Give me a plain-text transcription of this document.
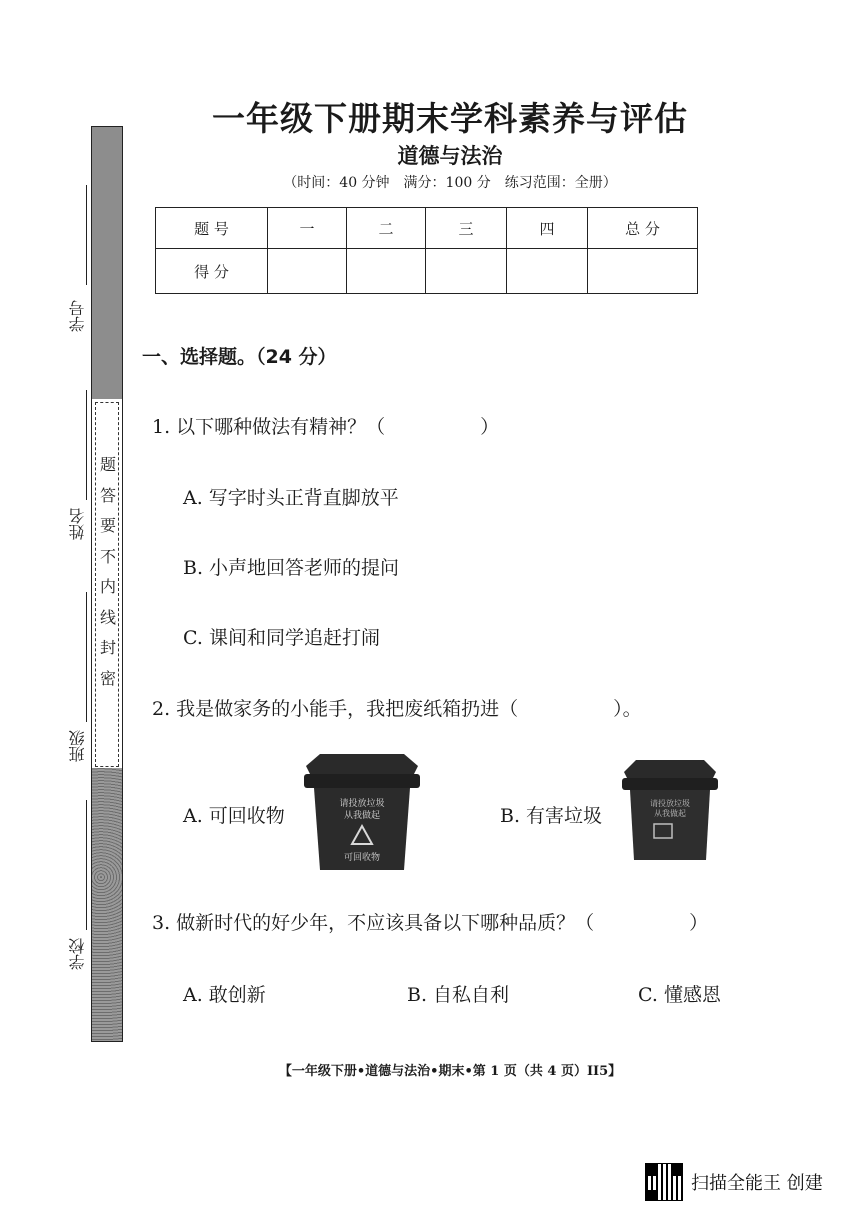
题
答
要
不
内
线
封
密
学号
姓名
班级
学校
一年级下册期末学科素养与评估
道德与法治
（时间：40 分钟　满分：100 分　练习范围：全册）
题 号	一	二	三	四	总 分
得 分					
一、选择题。（24 分）
1. 以下哪种做法有精神？（　　　　　）
A. 写字时头正背直脚放平
B. 小声地回答老师的提问
C. 课间和同学追赶打闹
2. 我是做家务的小能手，我把废纸箱扔进（　　　　　）。
A. 可回收物	B. 有害垃圾
请投放垃圾
从我做起
可回收物
请投放垃圾
从我做起
3. 做新时代的好少年，不应该具备以下哪种品质？（　　　　　）
A. 敢创新	B. 自私自利	C. 懂感恩
【一年级下册•道德与法治•期末•第 1 页（共 4 页）II5】
扫描全能王 创建
